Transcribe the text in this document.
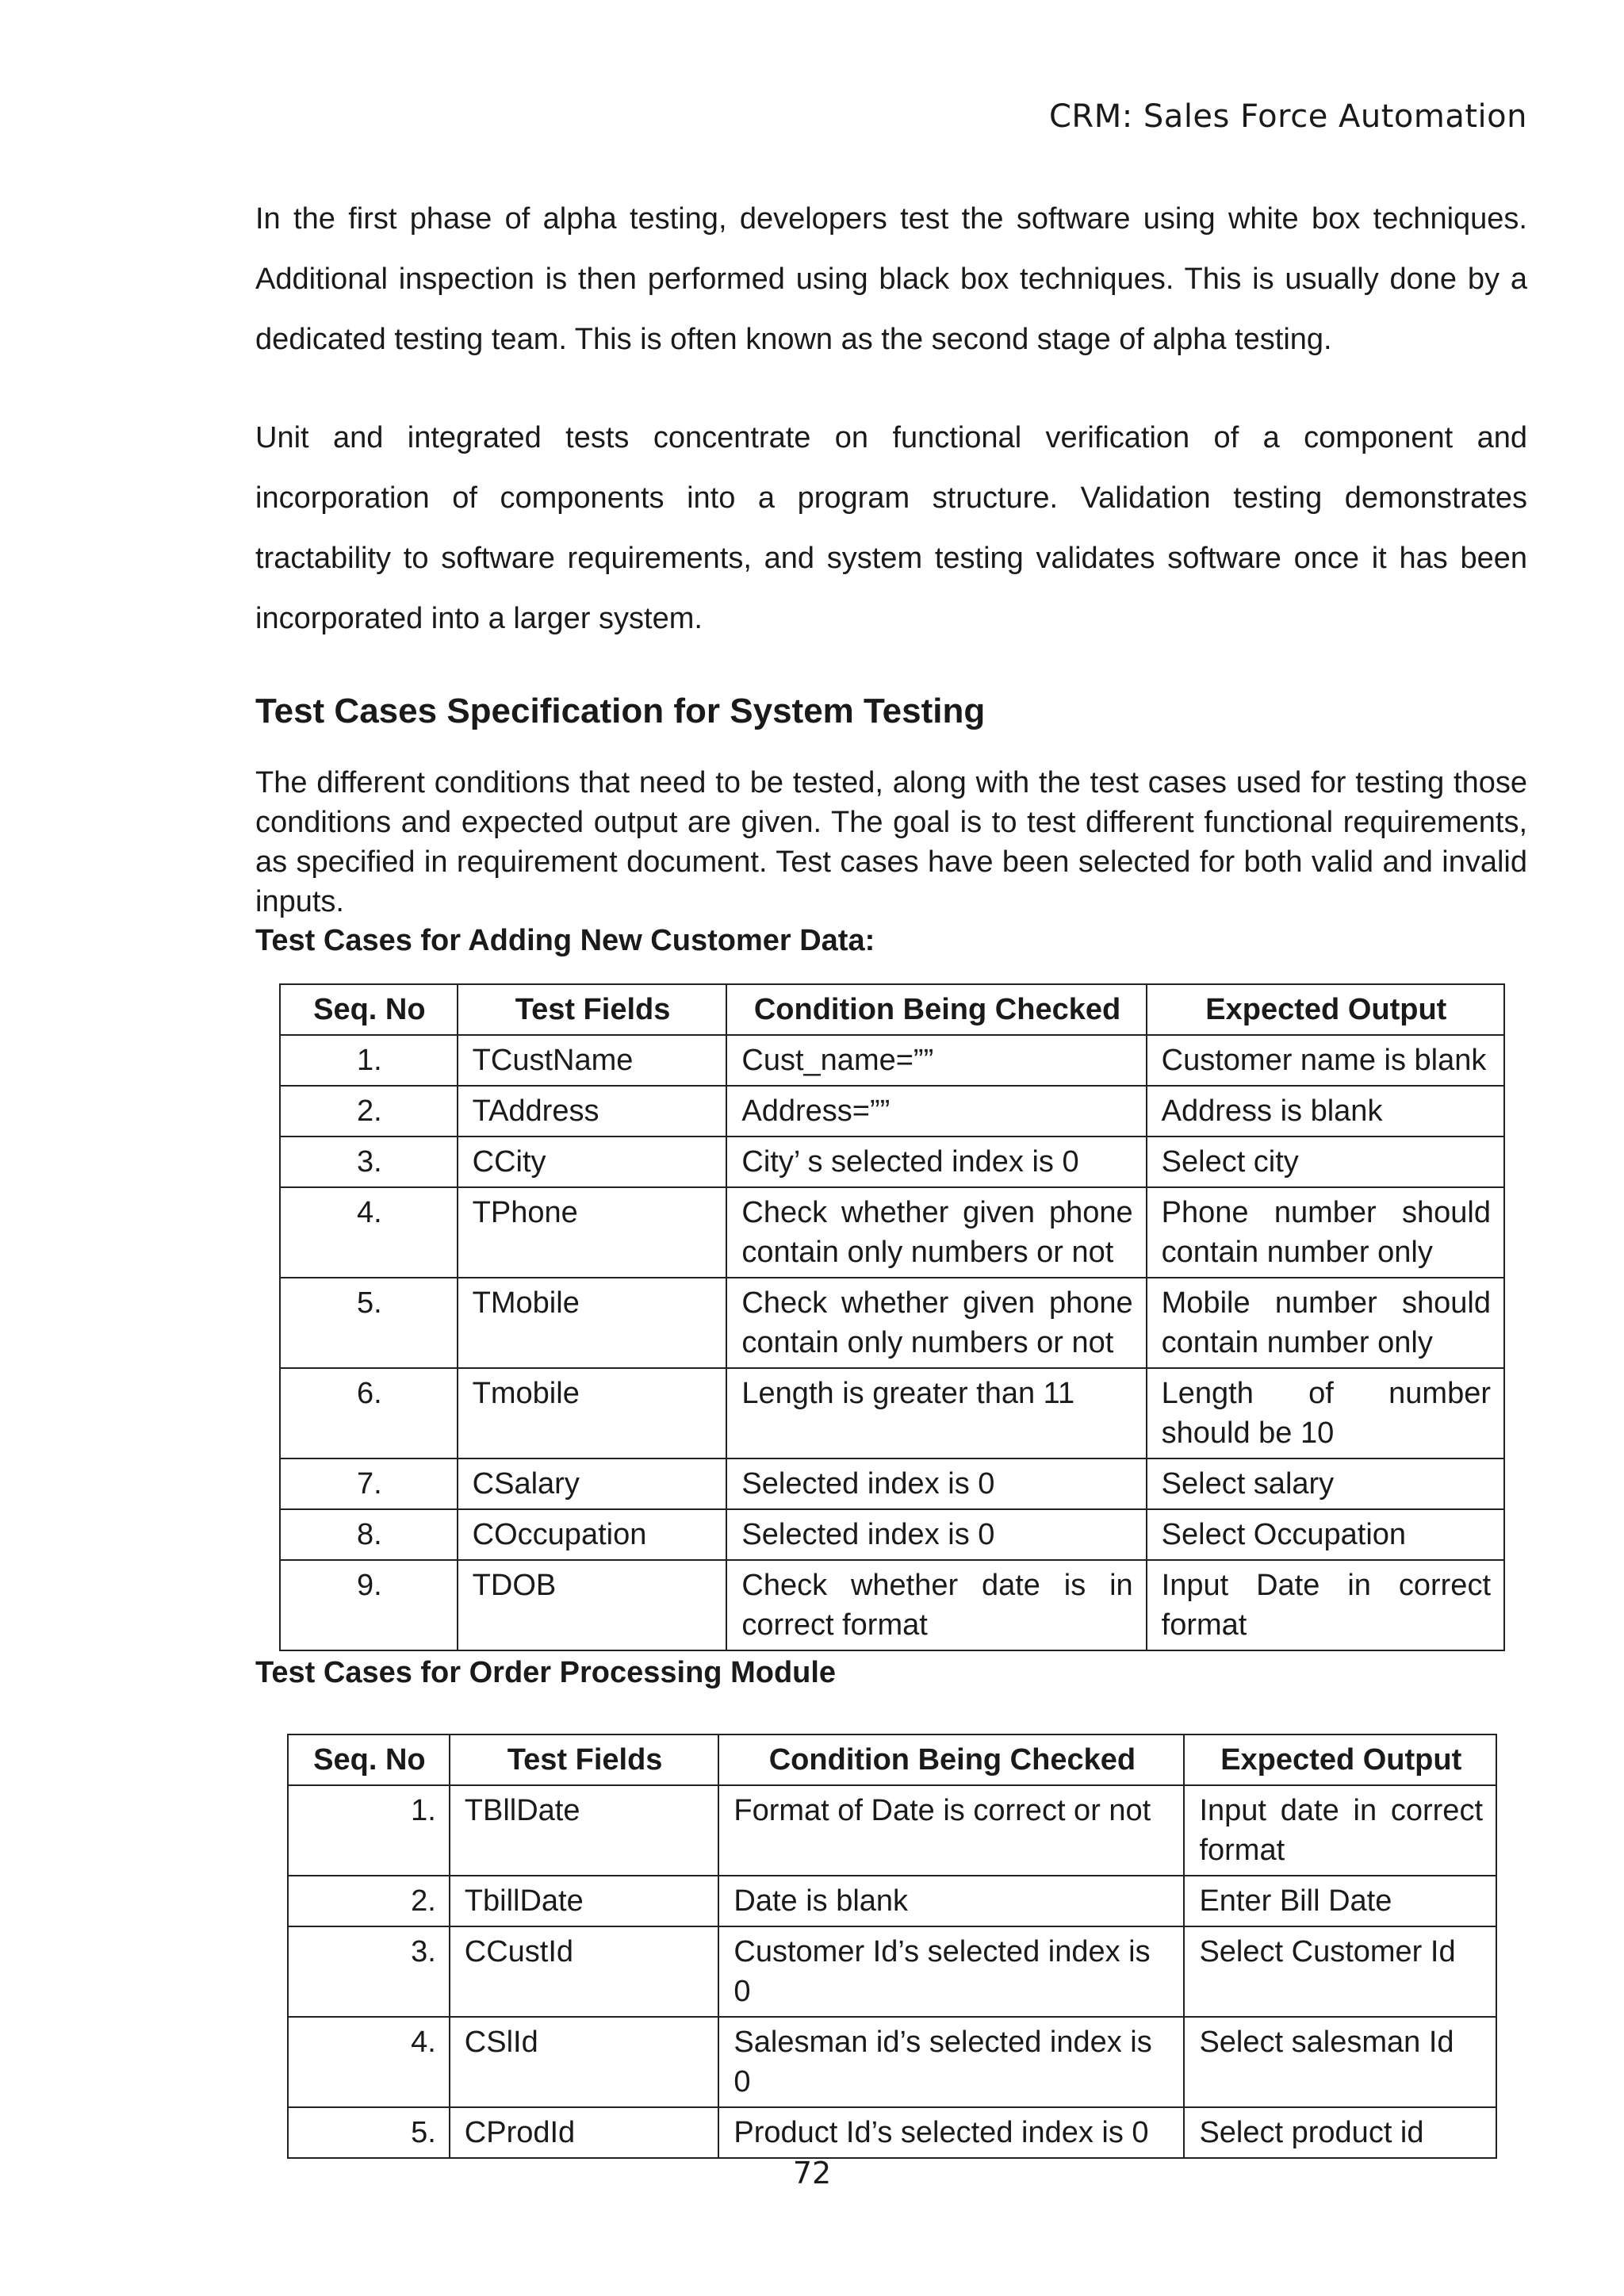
CRM: Sales Force Automation

In the first phase of alpha testing, developers test the software using white box techniques. Additional inspection is then performed using black box techniques. This is usually done by a dedicated testing team. This is often known as the second stage of alpha testing.

Unit and integrated tests concentrate on functional verification of a component and incorporation of components into a program structure. Validation testing demonstrates tractability to software requirements, and system testing validates software once it has been incorporated into a larger system.

Test Cases Specification for System Testing

The different conditions that need to be tested, along with the test cases used for testing those conditions and expected output are given. The goal is to test different functional requirements, as specified in requirement document. Test cases have been selected for both valid and invalid inputs.

Test Cases for Adding New Customer Data:

Seq. No	Test Fields	Condition Being Checked	Expected Output
1.	TCustName	Cust_name=””	Customer name is blank
2.	TAddress	Address=””	Address is blank
3.	CCity	City’ s selected index is 0	Select city
4.	TPhone	Check whether given phone contain only numbers or not	Phone number should contain number only
5.	TMobile	Check whether given phone contain only numbers or not	Mobile number should contain number only
6.	Tmobile	Length is greater than 11	Length of number should be 10
7.	CSalary	Selected index is 0	Select salary
8.	COccupation	Selected index is 0	Select Occupation
9.	TDOB	Check whether date is in correct format	Input Date in correct format

Test Cases for Order Processing Module

Seq. No	Test Fields	Condition Being Checked	Expected Output
1.	TBllDate	Format of Date is correct or not	Input date in correct format
2.	TbillDate	Date is blank	Enter Bill Date
3.	CCustId	Customer Id’s selected index is 0	Select Customer Id
4.	CSlId	Salesman id’s selected index is 0	Select salesman Id
5.	CProdId	Product Id’s selected index is 0	Select product id
72
